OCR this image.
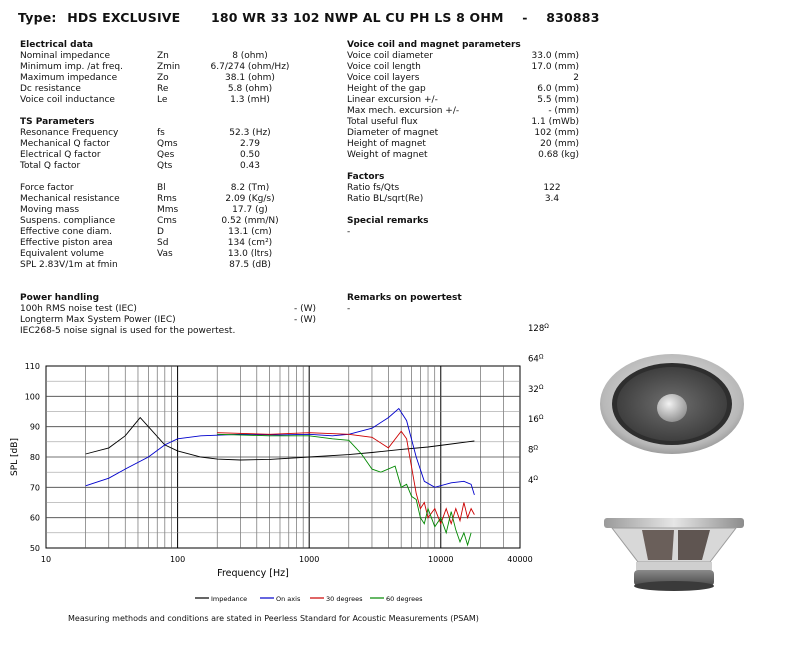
Type: HDS EXCLUSIVE 180 WR 33 102 NWP AL CU PH LS 8 OHM - 830883
Electrical data
Nominal impedance	Zn	8 (ohm)
Minimum imp. /at freq.	Zmin	6.7/274 (ohm/Hz)
Maximum impedance	Zo	38.1 (ohm)
Dc resistance	Re	5.8 (ohm)
Voice coil inductance	Le	1.3 (mH)
TS Parameters
Resonance Frequency	fs	52.3 (Hz)
Mechanical Q factor	Qms	2.79
Electrical Q factor	Qes	0.50
Total Q factor	Qts	0.43
Force factor	Bl	8.2 (Tm)
Mechanical resistance	Rms	2.09 (Kg/s)
Moving mass	Mms	17.7 (g)
Suspens. compliance	Cms	0.52 (mm/N)
Effective cone diam.	D	13.1 (cm)
Effective piston area	Sd	134 (cm²)
Equivalent volume	Vas	13.0 (ltrs)
SPL 2.83V/1m at fmin	87.5 (dB)
Power handling
100h RMS noise test (IEC)	- (W)
Longterm Max System Power (IEC)	- (W)
IEC268-5 noise signal is used for the powertest.
Voice coil and magnet parameters
Voice coil diameter	33.0 (mm)
Voice coil length	17.0 (mm)
Voice coil layers	2
Height of the gap	6.0 (mm)
Linear excursion +/-	5.5 (mm)
Max mech. excursion +/-	- (mm)
Total useful flux	1.1 (mWb)
Diameter of magnet	102 (mm)
Height of magnet	20 (mm)
Weight of magnet	0.68 (kg)
Factors
Ratio fs/Qts	122
Ratio BL/sqrt(Re)	3.4
Special remarks
-
Remarks on powertest
-
50
60
70
80
90
100
110
10	100	1000	10000	40000
$4^\Omega$
$8^\Omega$
$16^\Omega$
$32^\Omega$
$64^\Omega$
$128^\Omega$
SPL [dB]
Frequency [Hz]
Impedance	On axis	30 degrees	60 degrees
Measuring methods and conditions are stated in Peerless Standard for Acoustic Measurements (PSAM)
